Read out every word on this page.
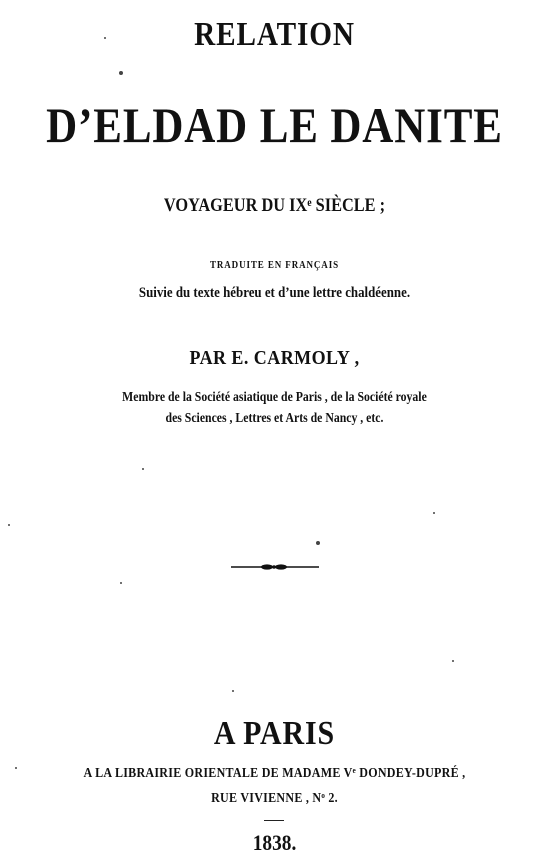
RELATION
D’ELDAD LE DANITE
VOYAGEUR DU IXᵉ SIÈCLE ;
TRADUITE EN FRANÇAIS
Suivie du texte hébreu et d’une lettre chaldéenne.
PAR E. CARMOLY ,
Membre de la Société asiatique de Paris , de la Société royale
des Sciences , Lettres et Arts de Nancy , etc.
A PARIS
A LA LIBRAIRIE ORIENTALE DE MADAME Vᵉ DONDEY-DUPRÉ ,
RUE VIVIENNE , Nᵒ 2.
1838.
